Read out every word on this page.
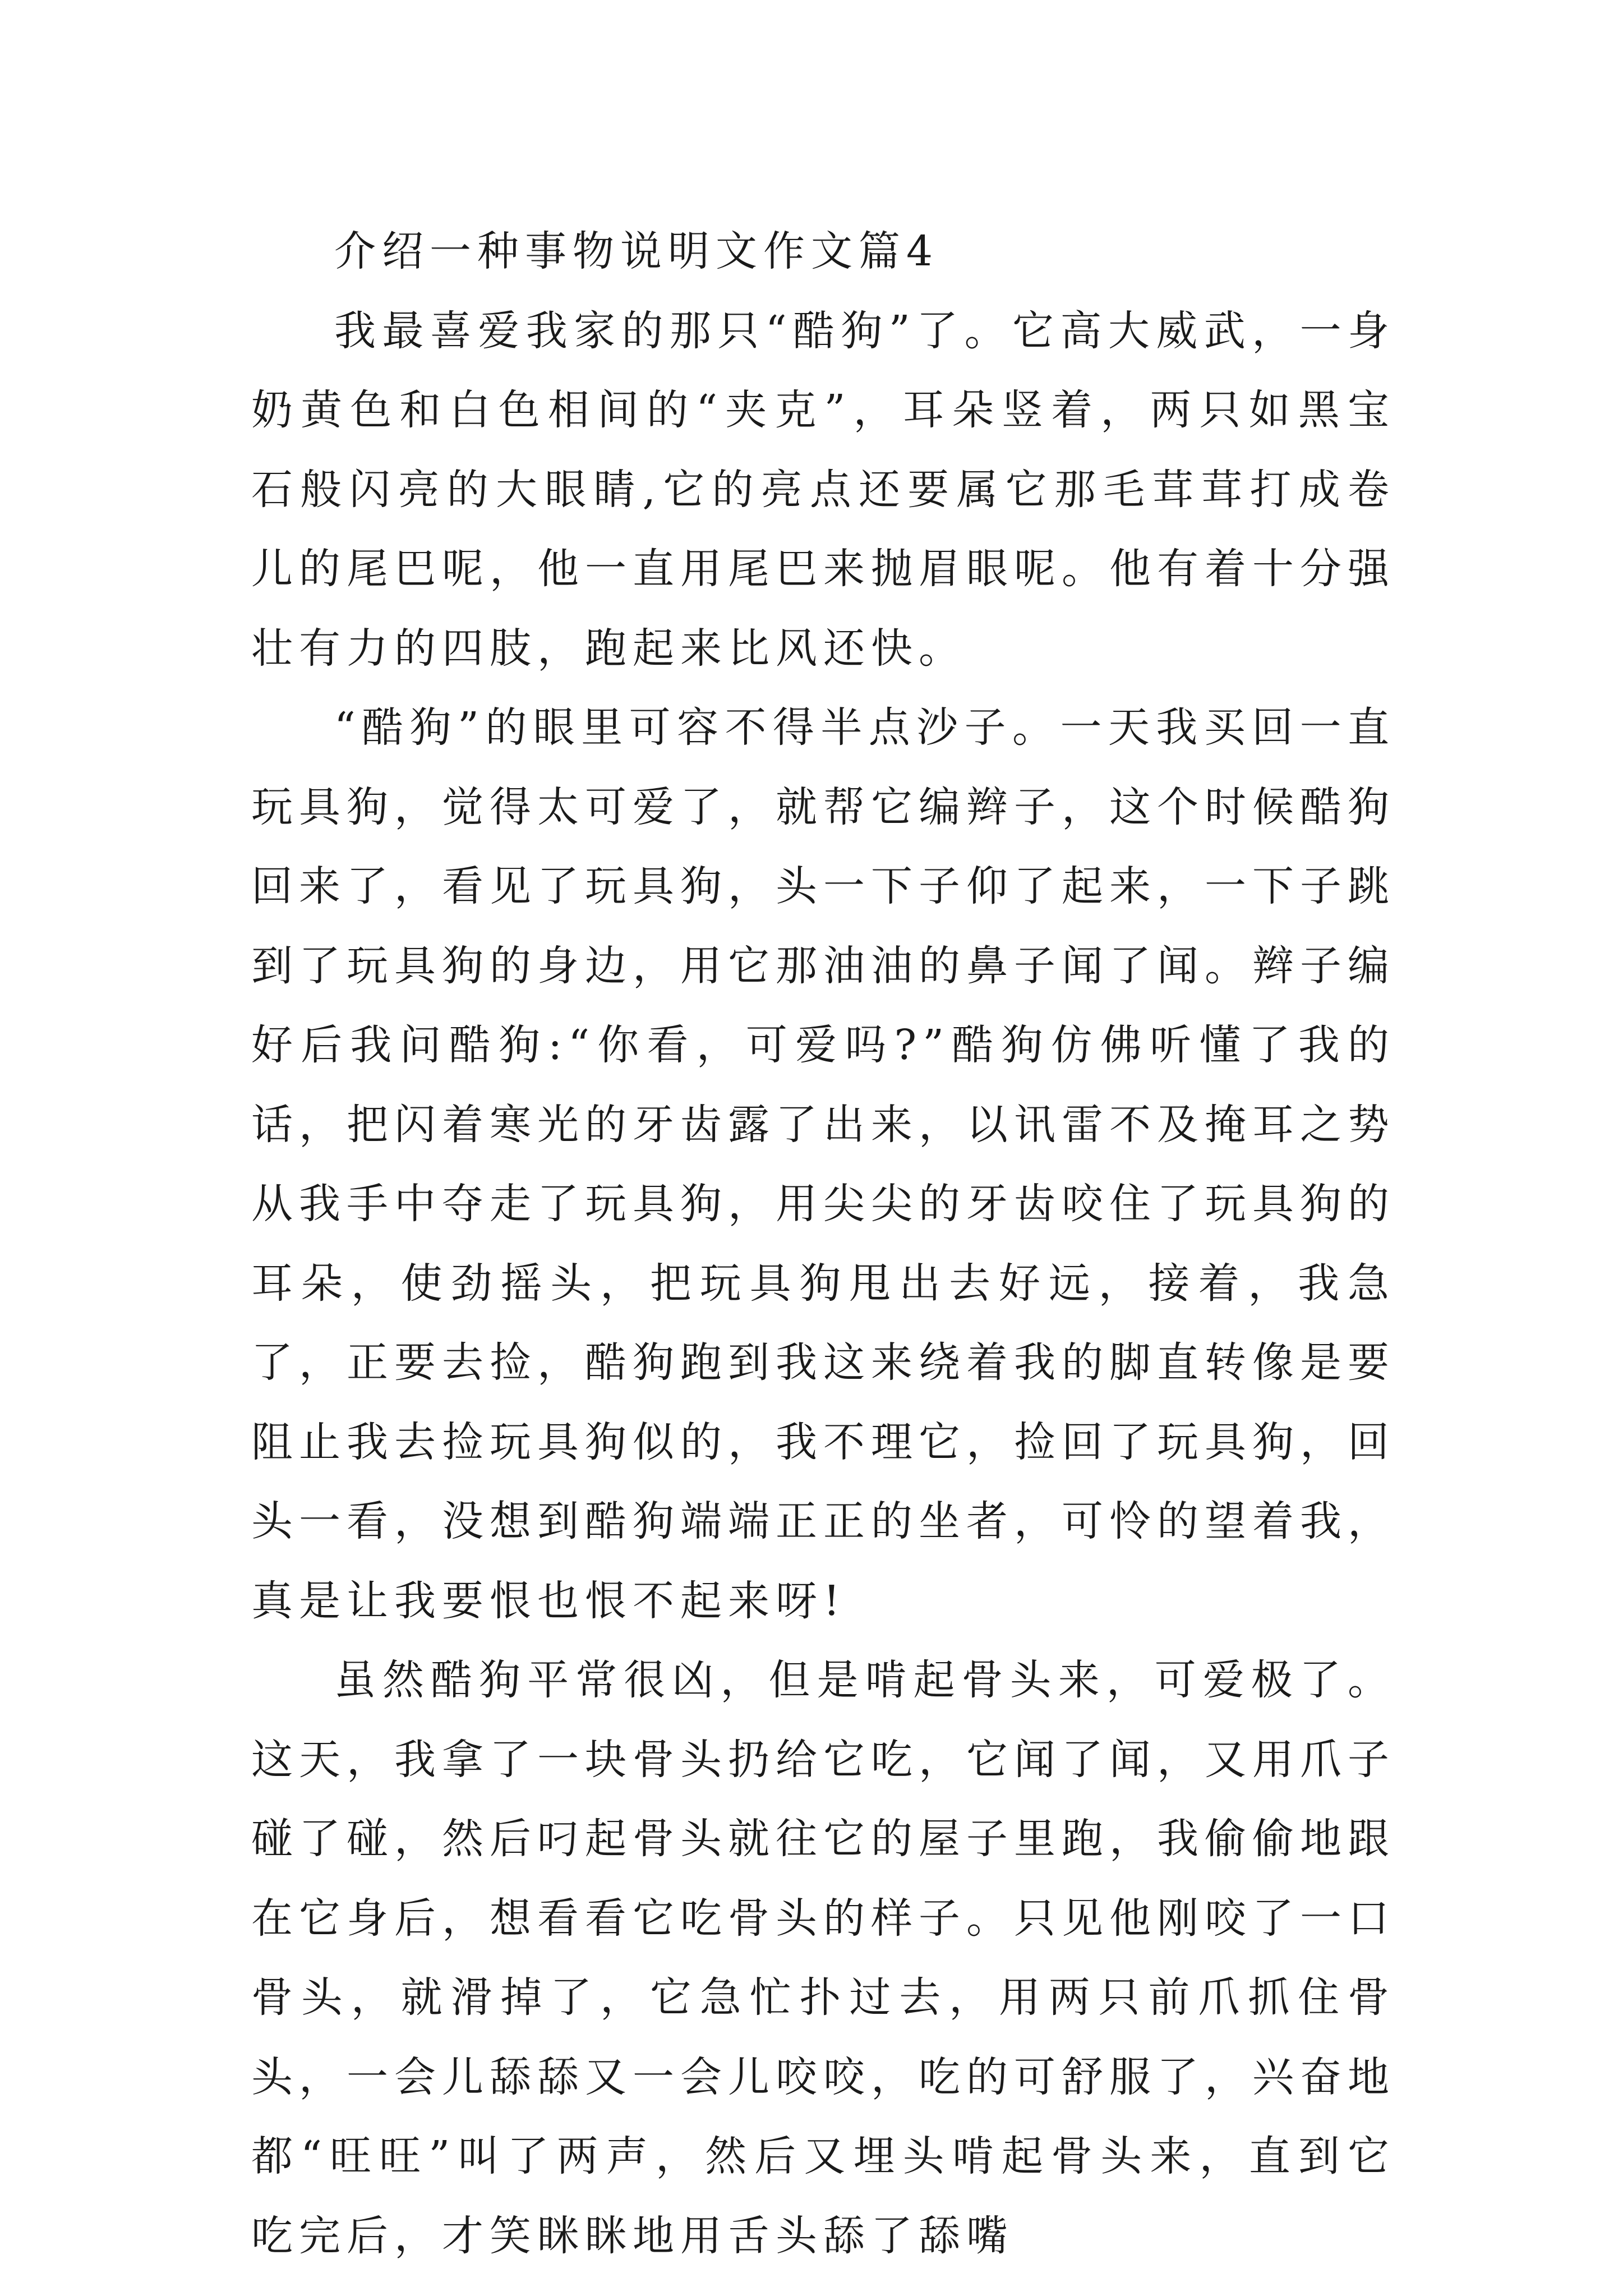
介绍一种事物说明文作文篇4

我最喜爱我家的那只“酷狗”了。它高大威武，一身奶黄色和白色相间的“夹克”，耳朵竖着，两只如黑宝石般闪亮的大眼睛,它的亮点还要属它那毛茸茸打成卷儿的尾巴呢，他一直用尾巴来抛眉眼呢。他有着十分强壮有力的四肢，跑起来比风还快。

“酷狗”的眼里可容不得半点沙子。一天我买回一直玩具狗，觉得太可爱了，就帮它编辫子，这个时候酷狗回来了，看见了玩具狗，头一下子仰了起来，一下子跳到了玩具狗的身边，用它那油油的鼻子闻了闻。辫子编好后我问酷狗:“你看，可爱吗?”酷狗仿佛听懂了我的话，把闪着寒光的牙齿露了出来，以讯雷不及掩耳之势从我手中夺走了玩具狗，用尖尖的牙齿咬住了玩具狗的耳朵，使劲摇头，把玩具狗甩出去好远，接着，我急了，正要去捡，酷狗跑到我这来绕着我的脚直转像是要阻止我去捡玩具狗似的，我不理它，捡回了玩具狗，回头一看，没想到酷狗端端正正的坐者，可怜的望着我，真是让我要恨也恨不起来呀!

虽然酷狗平常很凶，但是啃起骨头来，可爱极了。这天，我拿了一块骨头扔给它吃，它闻了闻，又用爪子碰了碰，然后叼起骨头就往它的屋子里跑，我偷偷地跟在它身后，想看看它吃骨头的样子。只见他刚咬了一口骨头，就滑掉了，它急忙扑过去，用两只前爪抓住骨头，一会儿舔舔又一会儿咬咬，吃的可舒服了，兴奋地都“旺旺”叫了两声，然后又埋头啃起骨头来，直到它吃完后，才笑眯眯地用舌头舔了舔嘴
